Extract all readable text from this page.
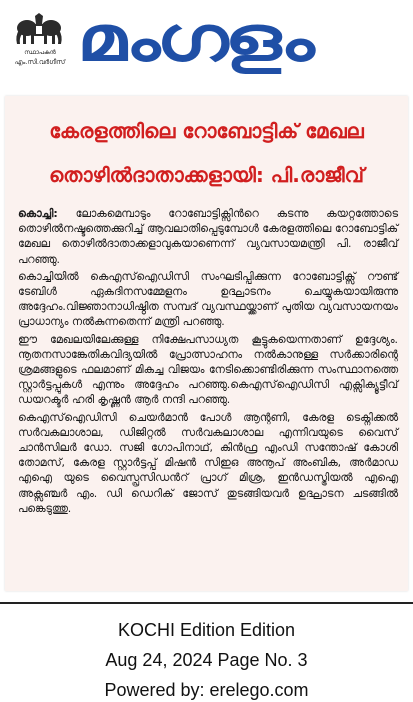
സ്ഥാപകൻ
എം.സി.വർഗീസ് മംഗളം
കേരളത്തിലെ റോബോട്ടിക് മേഖല
തൊഴിൽദാതാക്കളായി: പി.രാജീവ്

കൊച്ചി: ലോകമെമ്പാടും റോബോട്ടിക്സിൻറെ കടന്നു കയറ്റത്തോടെ തൊഴിൽനഷ്ടത്തെക്കുറിച്ച് ആവലാതിപ്പെടുമ്പോൾ കേരളത്തിലെ റോബോട്ടിക് മേഖല തൊഴിൽദാതാക്കളാവുകയാണെന്ന് വ്യവസായമന്ത്രി പി. രാജീവ് പറഞ്ഞു.

കൊച്ചിയിൽ കെഎസ്ഐഡിസി സംഘടിപ്പിക്കുന്ന റോബോട്ടിക്സ് റൗണ്ട് ടേബിൾ ഏകദിനസമ്മേളനം ഉദ്ഘാടനം ചെയ്യുകയായിരുന്നു അദ്ദേഹം.വിജ്ഞാനാധിഷ്ഠിത സമ്പദ് വ്യവസ്ഥയ്ക്കാണ് പുതിയ വ്യവസായനയം പ്രാധാന്യം നൽകുന്നതെന്ന് മന്ത്രി പറഞ്ഞു.

ഈ മേഖലയിലേക്കുള്ള നിക്ഷേപസാധ്യത കൂട്ടുകയെന്നതാണ് ഉദ്ദേശ്യം. നൂതനസാങ്കേതികവിദ്യയിൽ പ്രോത്സാഹനം നൽകാനുള്ള സർക്കാരിന്റെ ശ്രമങ്ങളുടെ ഫലമാണ് മികച്ച വിജയം നേടിക്കൊണ്ടിരിക്കുന്ന സംസ്ഥാനത്തെ സ്റ്റാർട്ടപ്പുകൾ എന്നും അദ്ദേഹം പറഞ്ഞു.കെഎസ്ഐഡിസി എക്സിക്യൂട്ടീവ് ഡയറക്ടർ ഹരി കൃഷ്ണൻ ആർ നന്ദി പറഞ്ഞു.

കെഎസ്ഐഡിസി ചെയർമാൻ പോൾ ആന്റണി, കേരള ടെക്നിക്കൽ സർവകലാശാല, ഡിജിറ്റൽ സർവകലാശാല എന്നിവയുടെ വൈസ് ചാൻസിലർ ഡോ. സജി ഗോപിനാഥ്, കിൻഫ്ര എംഡി സന്തോഷ് കോശി തോമസ്, കേരള സ്റ്റാർട്ടപ്പ് മിഷൻ സിഇഒ അനൂപ് അംബിക, അർമാഡ എഐ യുടെ വൈസ്പ്രസിഡൻറ് പ്രാഗ് മിശ്ര, ഇൻഡസ്ട്രിയൽ എഐ അക്സഞ്ചർ എം. ഡി ഡെറിക് ജോസ് തുടങ്ങിയവർ ഉദ്ഘാടന ചടങ്ങിൽ പങ്കെടുത്തു.

KOCHI Edition Edition
Aug 24, 2024 Page No. 3
Powered by: erelego.com
